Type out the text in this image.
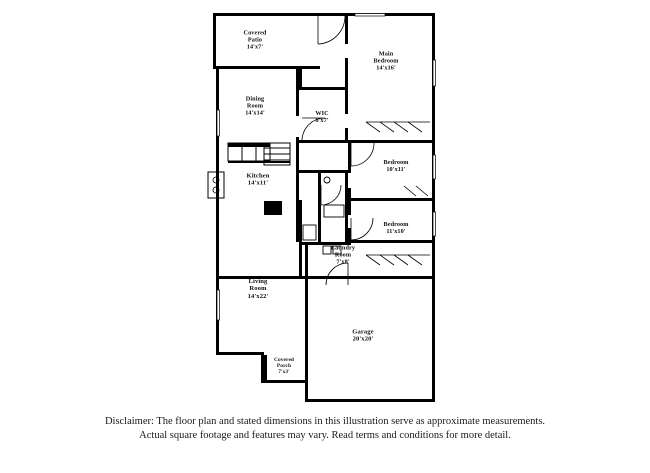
Covered
Patio
14'x7'
Main
Bedroom
14'x16'
Dining
Room
14'x14'	WIC
6'x7'
Bedroom
10'x11'
Kitchen
14'x11'
Bedroom
11'x10'
Laundry
Room
7'x8'
Living
Room
14'x22'
Garage
20'x20'
Covered
Porch
7'x3'
Disclaimer: The floor plan and stated dimensions in this illustration serve as approximate measurements.
Actual square footage and features may vary. Read terms and conditions for more detail.
